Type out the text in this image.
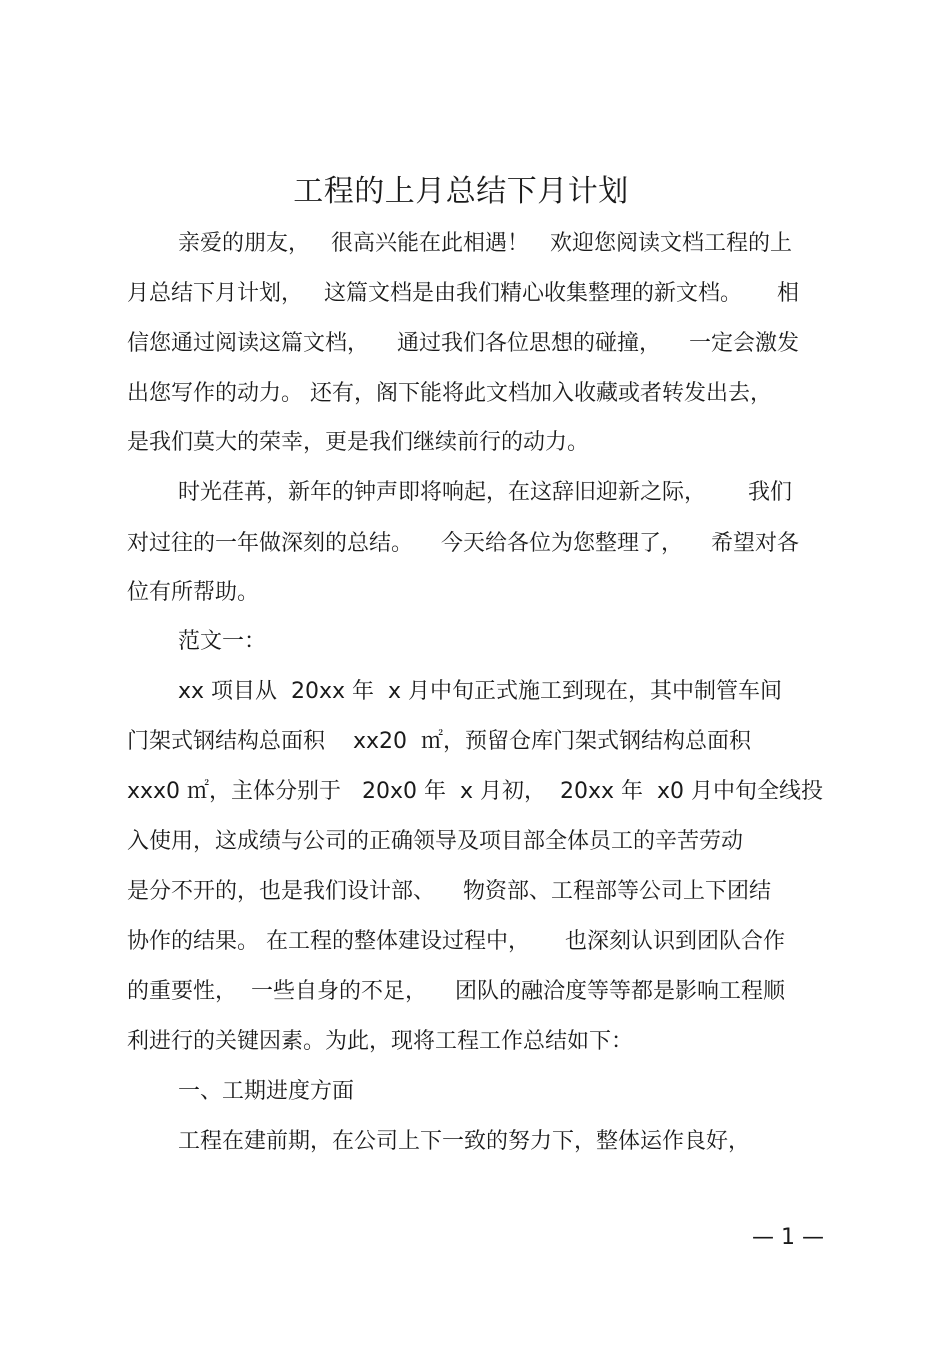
工程的上月总结下月计划
亲爱的朋友，   很高兴能在此相遇！   欢迎您阅读文档工程的上
月总结下月计划，   这篇文档是由我们精心收集整理的新文档。     相
信您通过阅读这篇文档，    通过我们各位思想的碰撞，    一定会激发
出您写作的动力。 还有，阁下能将此文档加入收藏或者转发出去，
是我们莫大的荣幸，更是我们继续前行的动力。
时光荏苒，新年的钟声即将响起，在这辞旧迎新之际，      我们
对过往的一年做深刻的总结。    今天给各位为您整理了，    希望对各
位有所帮助。
范文一：
xx 项目从  20xx 年  x 月中旬正式施工到现在，其中制管车间
门架式钢结构总面积    xx20  ㎡，预留仓库门架式钢结构总面积
xxx0 ㎡，主体分别于   20x0 年  x 月初，  20xx 年  x0 月中旬全线投
入使用，这成绩与公司的正确领导及项目部全体员工的辛苦劳动
是分不开的，也是我们设计部、    物资部、工程部等公司上下团结
协作的结果。 在工程的整体建设过程中，     也深刻认识到团队合作
的重要性，  一些自身的不足，    团队的融洽度等等都是影响工程顺
利进行的关键因素。为此，现将工程工作总结如下：
一、工期进度方面
工程在建前期，在公司上下一致的努力下，整体运作良好，
— 1 —
